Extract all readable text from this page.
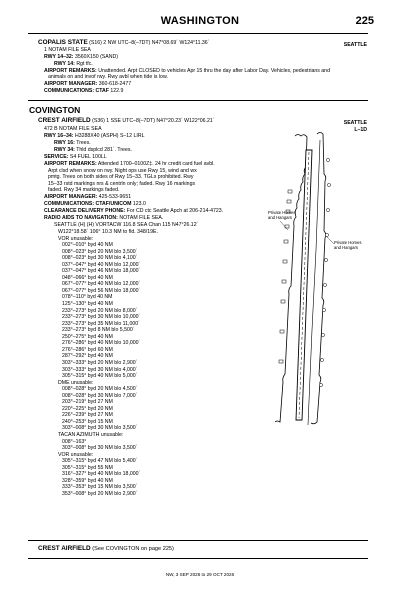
WASHINGTON	225
COPALIS STATE (S16) 2 NW UTC–8(–7DT) N47°08.69´ W124°11.36´	SEATTLE
1 NOTAM FILE SEA
RWY 14–32: 3560X150 (SAND)
RWY 14: Rgt tfc.
AIRPORT REMARKS: Unattended. Arpt CLOSED to vehicles Apr 15 thru the day after Labor Day. Vehicles, pedestrians and
animals on and invof rwy. Rwy avbl when tide is low.
AIRPORT MANAGER: 360-618-2477
COMMUNICATIONS: CTAF 122.9
COVINGTON
CREST AIRFIELD (S36) 1 SSE UTC–8(–7DT) N47°20.23´ W122°06.21´	SEATTLE
L–1D
472 B NOTAM FILE SEA
RWY 16–34: H3288X40 (ASPH) S–12 LIRL
RWY 16: Trees.
RWY 34: Thld dsplcd 281´. Trees.
SERVICE: S4 FUEL 100LL
AIRPORT REMARKS: Attended 1700–0100Z‡. 24 hr credit card fuel avbl.
Arpt clsd when snow on rwy. Night ops use Rwy 15, wind and wx
pmtg. Trees on both sides of Rwy 15–33. TGLs prohibited. Rwy
15–33 rstd markings nrs & centrln only; faded. Rwy 16 markings
faded. Rwy 34 markings faded.
AIRPORT MANAGER: 425-533-9651
COMMUNICATIONS: CTAF/UNICOM 123.0
CLEARANCE DELIVERY PHONE: For CD ctc Seattle Apch at 206-214-4723.
RADIO AIDS TO NAVIGATION: NOTAM FILE SEA.
SEATTLE (H) (H) VORTACW 116.8 SEA Chan 115 N47°26.12´
W122°18.58´ 106° 10.3 NM to fld. 348/19E.
VOR unusable:
002°–010° byd 40 NM
008°–023° byd 20 NM blo 3,500´
008°–023° byd 30 NM blo 4,100´
037°–047° byd 40 NM blo 12,000´
037°–047° byd 46 NM blo 18,000´
048°–066° byd 40 NM
067°–077° byd 40 NM blo 12,000´
067°–077° byd 56 NM blo 18,000´
078°–110° byd 40 NM
125°–130° byd 40 NM
233°–273° byd 20 NM blo 8,000´
233°–273° byd 30 NM blo 10,000´
233°–273° byd 35 NM blo 11,000´
233°–273° byd 8 NM blo 5,500´
250°–275° byd 40 NM
276°–286° byd 40 NM blo 10,000´
276°–286° byd 60 NM
287°–292° byd 40 NM
303°–333° byd 20 NM blo 2,900´
303°–333° byd 30 NM blo 4,000´
305°–315° byd 40 NM blo 5,000´
DME unusable:
008°–028° byd 20 NM blo 4,500´
008°–028° byd 30 NM blo 7,000´
203°–219° byd 27 NM
220°–225° byd 20 NM
226°–239° byd 27 NM
240°–253° byd 15 NM
303°–008° byd 30 NM blo 3,500´
TACAN AZIMUTH unusable:
008°–163°
303°–008° byd 30 NM blo 3,500´
VOR unusable:
305°–315° byd 47 NM blo 5,400´
305°–315° byd 55 NM
316°–327° byd 40 NM blo 18,000´
328°–359° byd 40 NM
333°–353° byd 15 NM blo 3,500´
353°–008° byd 20 NM blo 2,900´
Private Homes
and Hangars
Private Homes
and Hangars
CREST AIRFIELD (See COVINGTON on page 225)
NW, 3 SEP 2026 to 29 OCT 2026
